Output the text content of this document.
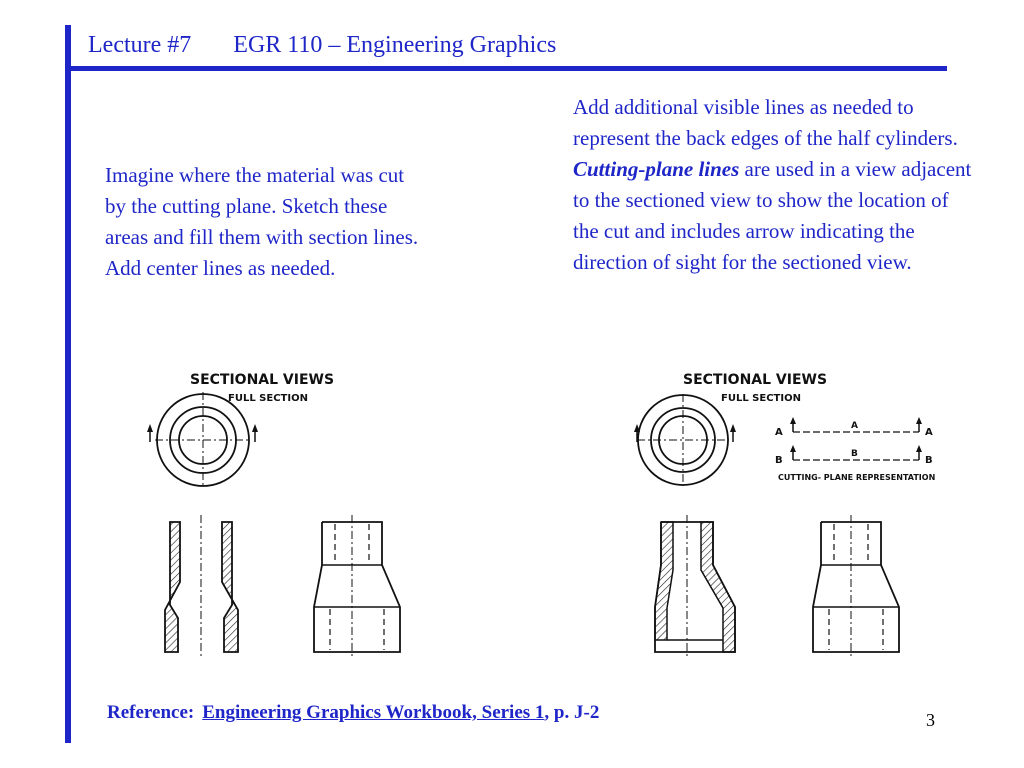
Lecture #7 EGR 110 – Engineering Graphics
Imagine where the material was cut
by the cutting plane. Sketch these
areas and fill them with section lines.
Add center lines as needed.
Add additional visible lines as needed to represent the back edges of the half cylinders. Cutting-plane lines are used in a view adjacent to the sectioned view to show the location of the cut and includes arrow indicating the direction of sight for the sectioned view.
SECTIONAL VIEWS
FULL SECTION
SECTIONAL VIEWS
FULL SECTION
A
A
A
B
B
B
CUTTING- PLANE REPRESENTATION
Reference: Engineering Graphics Workbook, Series 1, p. J-2	3
